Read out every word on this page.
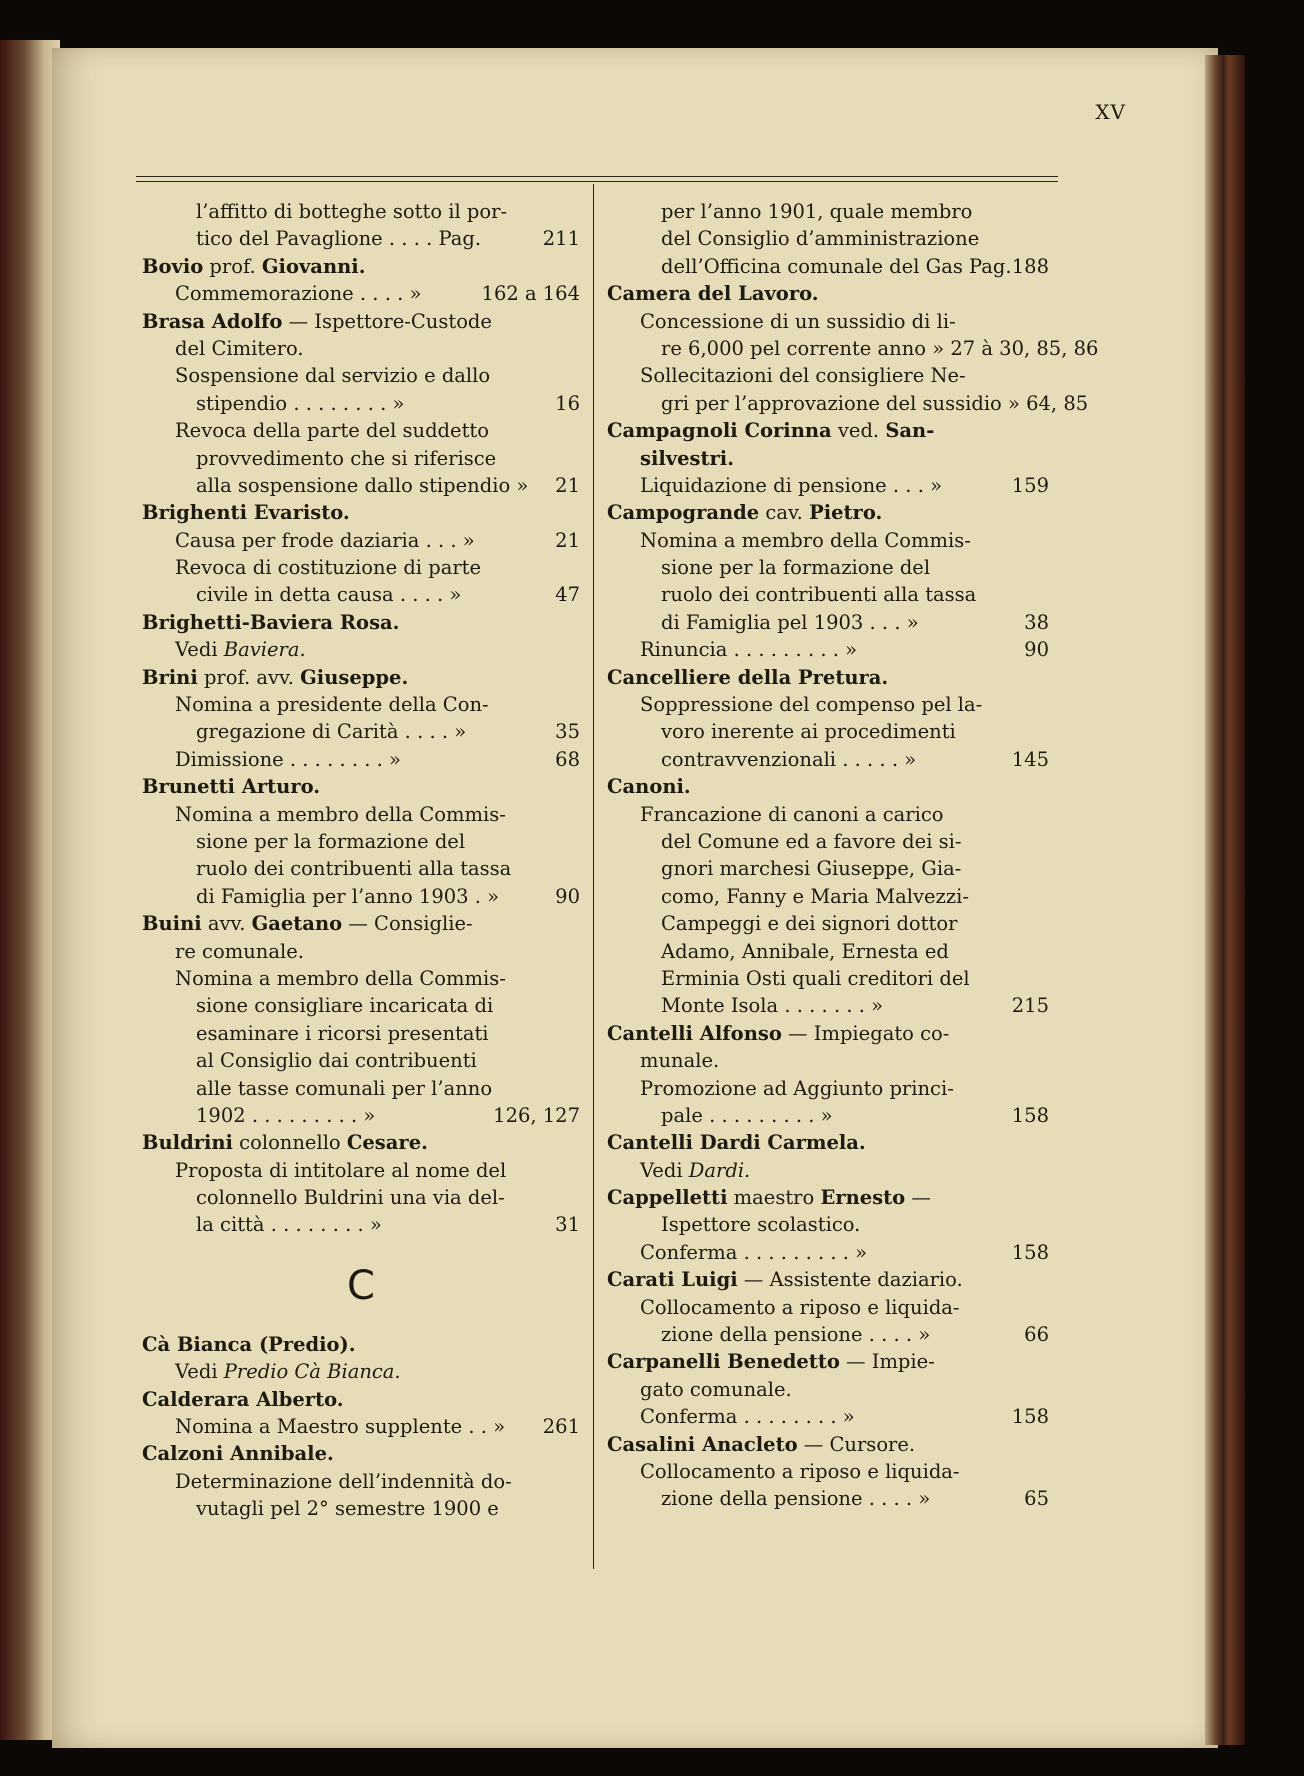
XV
l’affitto di botteghe sotto il por-
tico del Pavaglione . . . . Pag.	211
Bovio prof. Giovanni.
Commemorazione . . . . »	162 a 164
Brasa Adolfo — Ispettore-Custode
del Cimitero.
Sospensione dal servizio e dallo
stipendio . . . . . . . . »	16
Revoca della parte del suddetto
provvedimento che si riferisce
alla sospensione dallo stipendio » 21
Brighenti Evaristo.
Causa per frode daziaria . . . »	21
Revoca di costituzione di parte
civile in detta causa . . . . »	47
Brighetti-Baviera Rosa.
Vedi Baviera.
Brini prof. avv. Giuseppe.
Nomina a presidente della Con-
gregazione di Carità . . . . »	35
Dimissione . . . . . . . . »	68
Brunetti Arturo.
Nomina a membro della Commis-
sione per la formazione del
ruolo dei contribuenti alla tassa
di Famiglia per l’anno 1903 . »	90
Buini avv. Gaetano — Consiglie-
re comunale.
Nomina a membro della Commis-
sione consigliare incaricata di
esaminare i ricorsi presentati
al Consiglio dai contribuenti
alle tasse comunali per l’anno
1902 . . . . . . . . . »	126, 127
Buldrini colonnello Cesare.
Proposta di intitolare al nome del
colonnello Buldrini una via del-
la città . . . . . . . . »	31
C
Cà Bianca (Predio).
Vedi Predio Cà Bianca.
Calderara Alberto.
Nomina a Maestro supplente . . » 261
Calzoni Annibale.
Determinazione dell’indennità do-
vutagli pel 2° semestre 1900 e
per l’anno 1901, quale membro
del Consiglio d’amministrazione
dell’Officina comunale del Gas Pag. 188
Camera del Lavoro.
Concessione di un sussidio di li-
re 6,000 pel corrente anno » 27 à 30, 85, 86
Sollecitazioni del consigliere Ne-
gri per l’approvazione del sussidio » 64, 85
Campagnoli Corinna ved. San-
silvestri.
Liquidazione di pensione . . . »	159
Campogrande cav. Pietro.
Nomina a membro della Commis-
sione per la formazione del
ruolo dei contribuenti alla tassa
di Famiglia pel 1903 . . . »	38
Rinuncia . . . . . . . . . »	90
Cancelliere della Pretura.
Soppressione del compenso pel la-
voro inerente ai procedimenti
contravvenzionali . . . . . »	145
Canoni.
Francazione di canoni a carico
del Comune ed a favore dei si-
gnori marchesi Giuseppe, Gia-
como, Fanny e Maria Malvezzi-
Campeggi e dei signori dottor
Adamo, Annibale, Ernesta ed
Erminia Osti quali creditori del
Monte Isola . . . . . . . »	215
Cantelli Alfonso — Impiegato co-
munale.
Promozione ad Aggiunto princi-
pale . . . . . . . . . »	158
Cantelli Dardi Carmela.
Vedi Dardi.
Cappelletti maestro Ernesto —
Ispettore scolastico.
Conferma . . . . . . . . . »	158
Carati Luigi — Assistente daziario.
Collocamento a riposo e liquida-
zione della pensione . . . . »	66
Carpanelli Benedetto — Impie-
gato comunale.
Conferma . . . . . . . . »	158
Casalini Anacleto — Cursore.
Collocamento a riposo e liquida-
zione della pensione . . . . »	65
